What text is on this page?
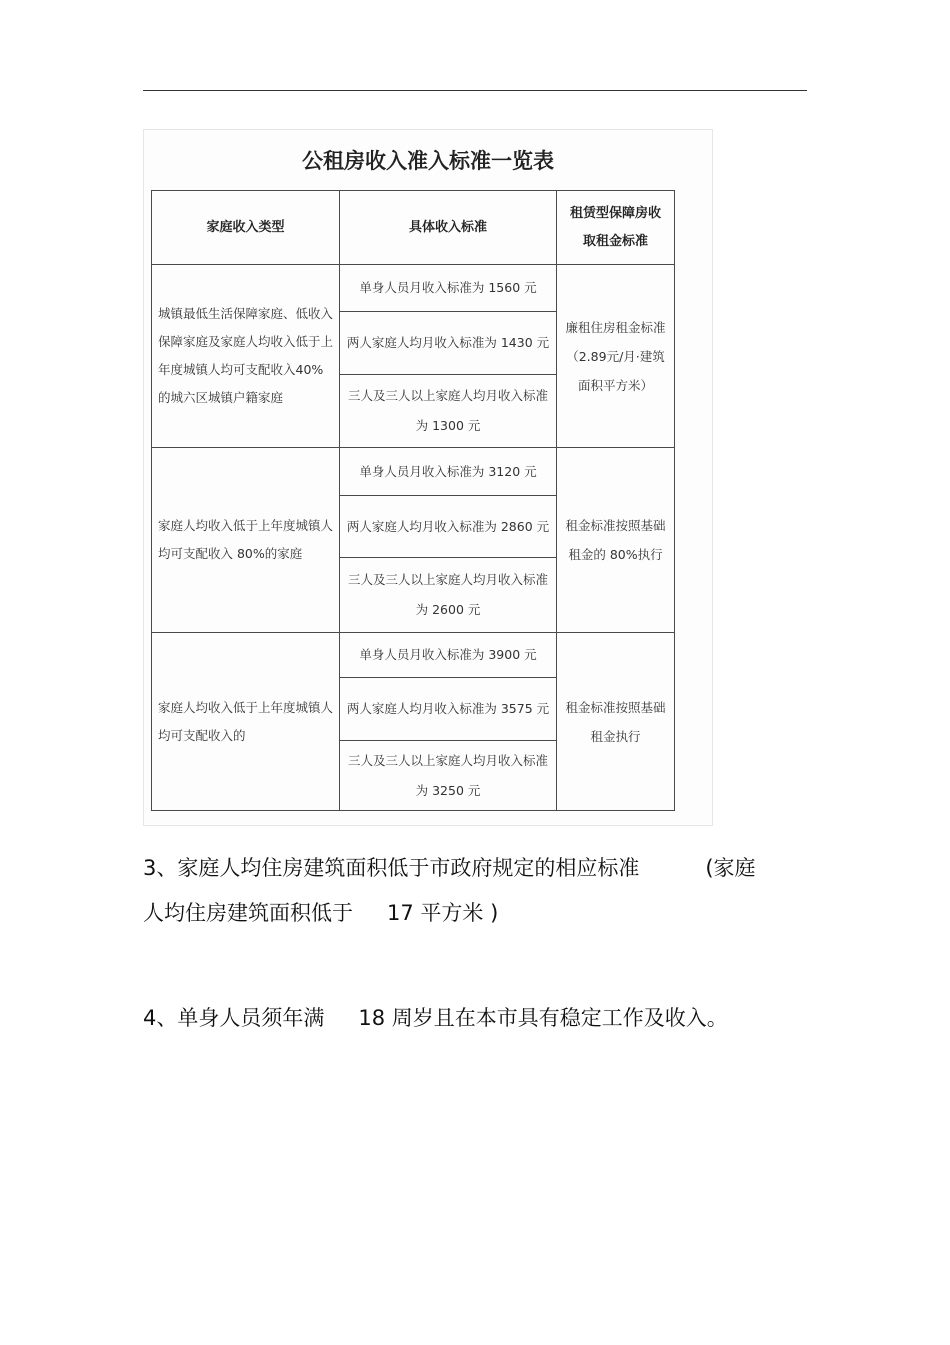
公租房收入准入标准一览表
家庭收入类型	具体收入标准	租赁型保障房收取租金标准
城镇最低生活保障家庭、低收入保障家庭及家庭人均收入低于上年度城镇人均可支配收入40%的城六区城镇户籍家庭	单身人员月收入标准为 1560 元	廉租住房租金标准（2.89元/月·建筑面积平方米）
	两人家庭人均月收入标准为 1430 元	
	三人及三人以上家庭人均月收入标准为 1300 元	
家庭人均收入低于上年度城镇人均可支配收入 80%的家庭	单身人员月收入标准为 3120 元	租金标准按照基础租金的 80%执行
	两人家庭人均月收入标准为 2860 元	
	三人及三人以上家庭人均月收入标准为 2600 元	
家庭人均收入低于上年度城镇人均可支配收入的	单身人员月收入标准为 3900 元	租金标准按照基础租金执行
	两人家庭人均月收入标准为 3575 元	
	三人及三人以上家庭人均月收入标准为 3250 元	
3、家庭人均住房建筑面积低于市政府规定的相应标准	(家庭
人均住房建筑面积低于 17 平方米 )
4、单身人员须年满 18 周岁且在本市具有稳定工作及收入。
